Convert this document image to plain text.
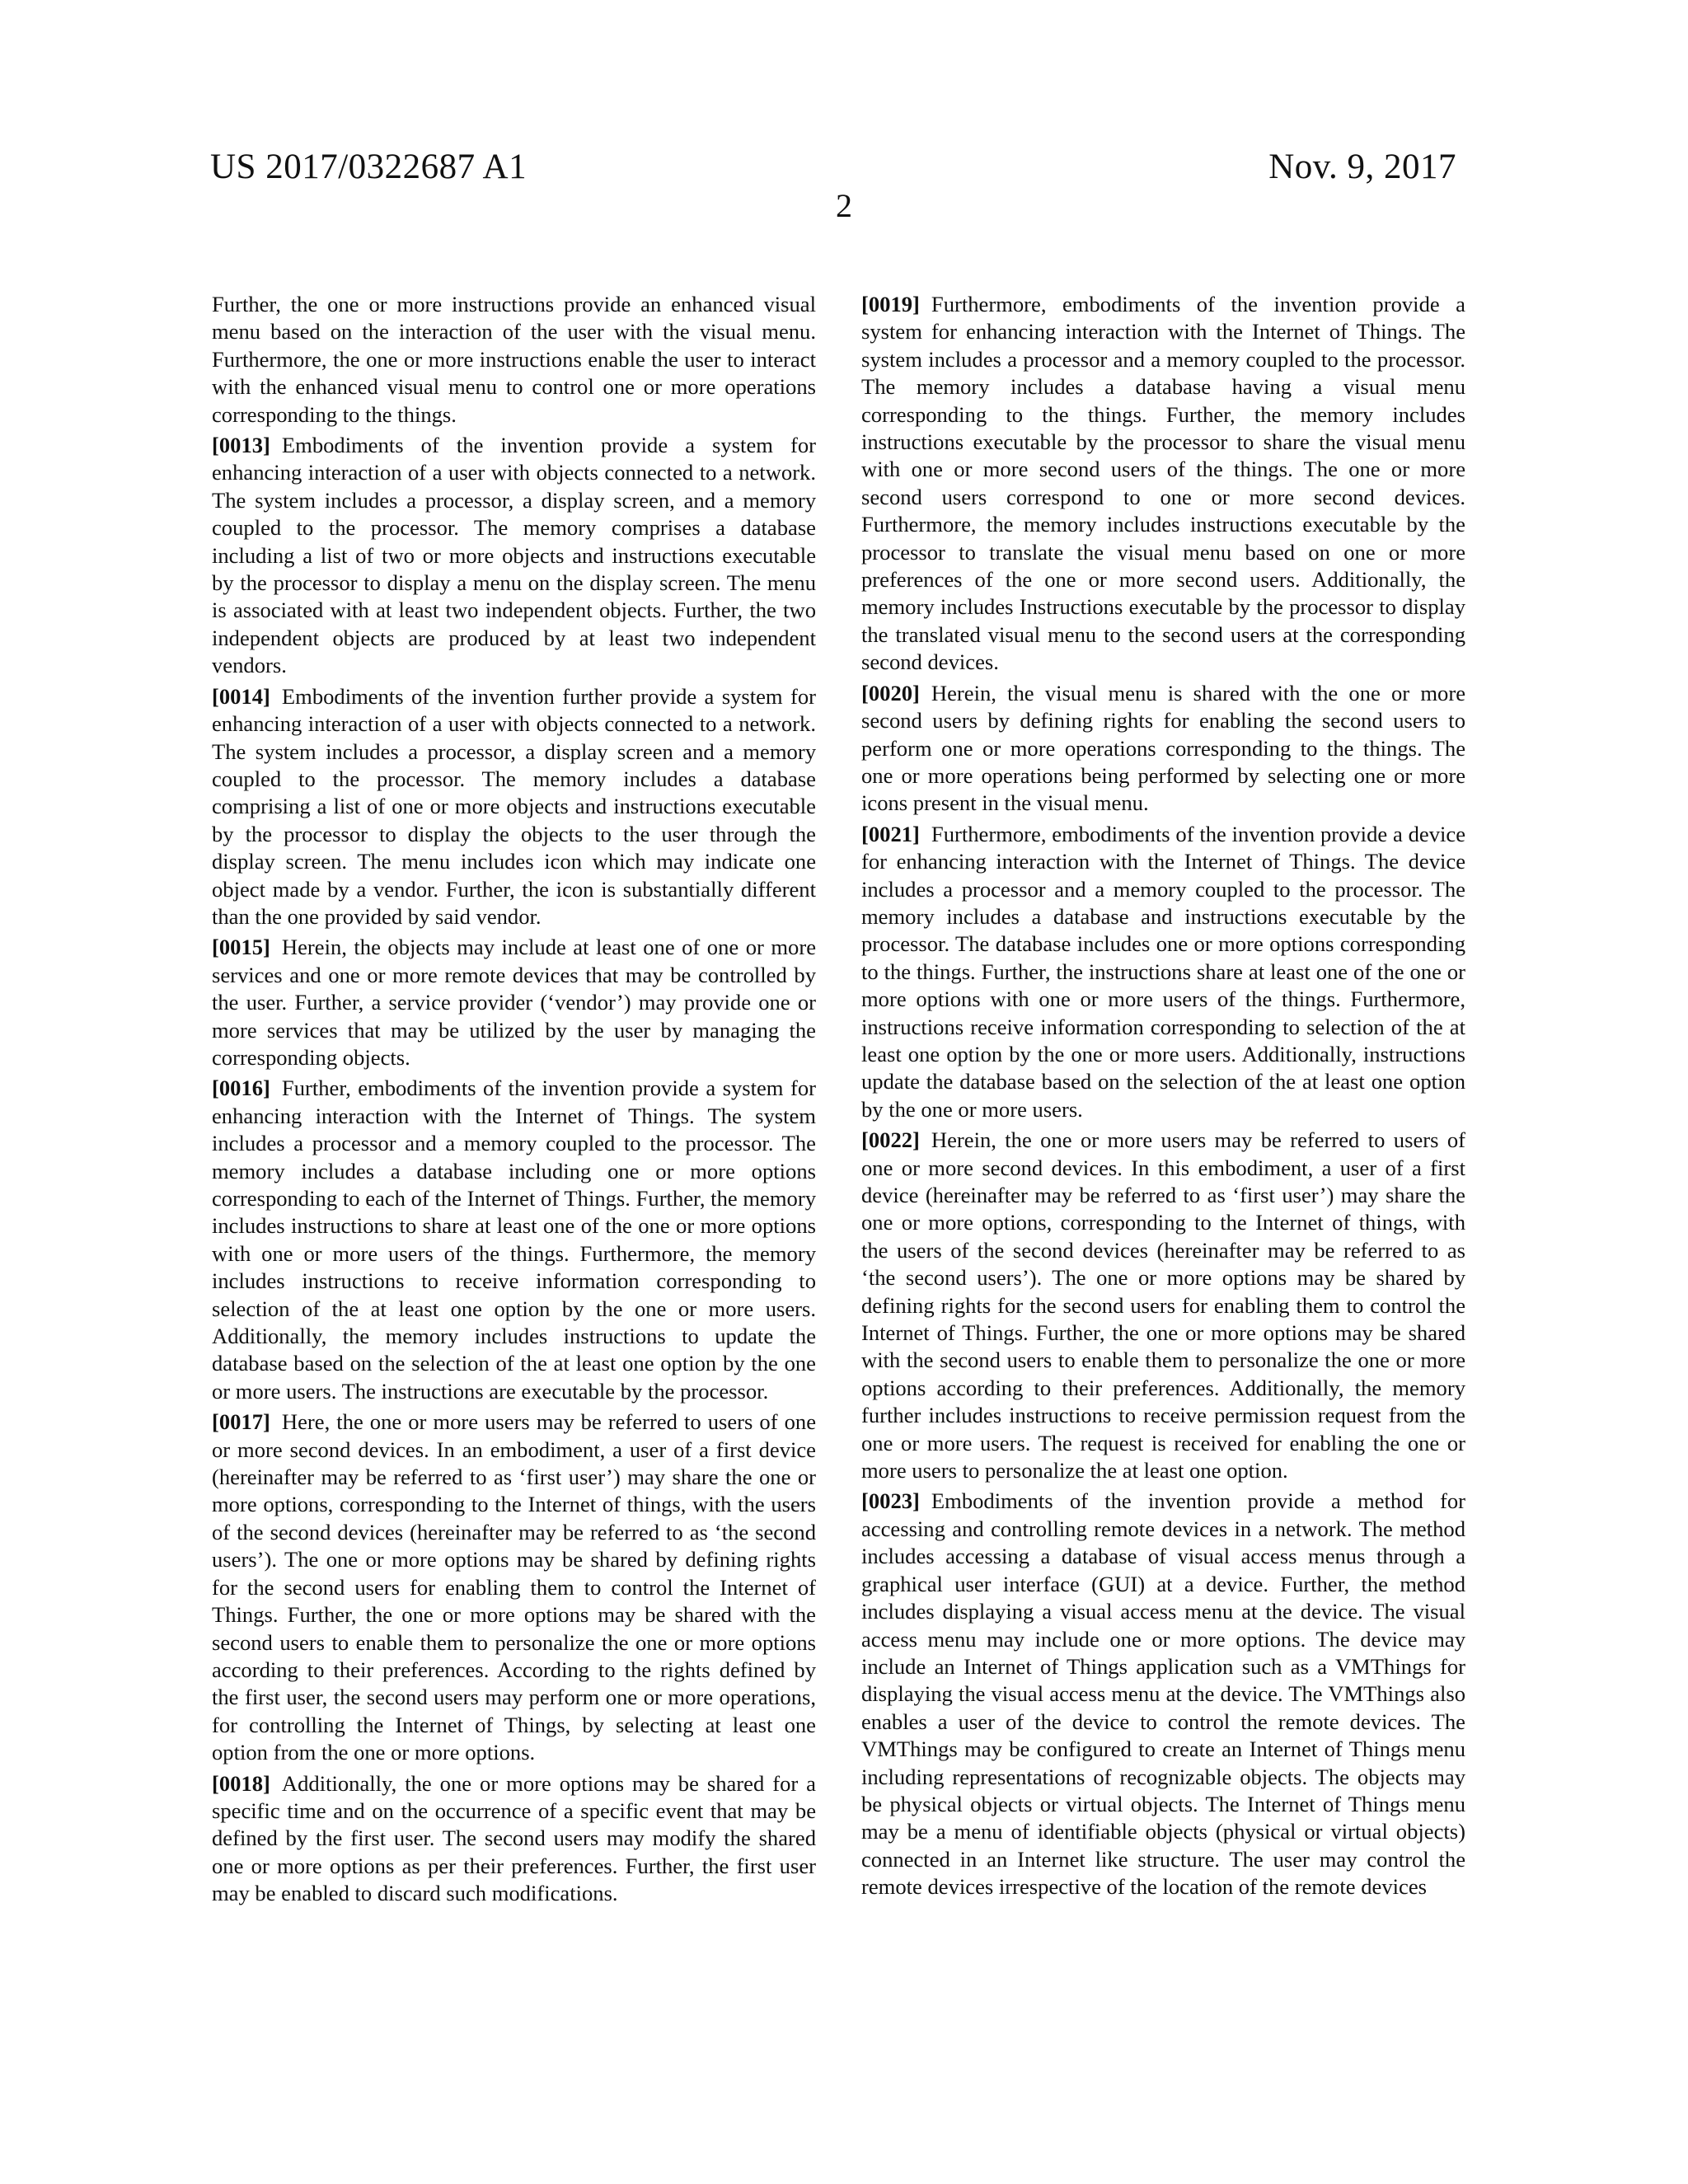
US 2017/0322687 A1	Nov. 9, 2017
2

Further, the one or more instructions provide an enhanced visual menu based on the interaction of the user with the visual menu. Furthermore, the one or more instructions enable the user to interact with the enhanced visual menu to control one or more operations corresponding to the things.

[0013] Embodiments of the invention provide a system for enhancing interaction of a user with objects connected to a network. The system includes a processor, a display screen, and a memory coupled to the processor. The memory comprises a database including a list of two or more objects and instructions executable by the processor to display a menu on the display screen. The menu is associated with at least two independent objects. Further, the two independent objects are produced by at least two independent vendors.

[0014] Embodiments of the invention further provide a system for enhancing interaction of a user with objects connected to a network. The system includes a processor, a display screen and a memory coupled to the processor. The memory includes a database comprising a list of one or more objects and instructions executable by the processor to display the objects to the user through the display screen. The menu includes icon which may indicate one object made by a vendor. Further, the icon is substantially different than the one provided by said vendor.

[0015] Herein, the objects may include at least one of one or more services and one or more remote devices that may be controlled by the user. Further, a service provider (‘vendor’) may provide one or more services that may be utilized by the user by managing the corresponding objects.

[0016] Further, embodiments of the invention provide a system for enhancing interaction with the Internet of Things. The system includes a processor and a memory coupled to the processor. The memory includes a database including one or more options corresponding to each of the Internet of Things. Further, the memory includes instructions to share at least one of the one or more options with one or more users of the things. Furthermore, the memory includes instructions to receive information corresponding to selection of the at least one option by the one or more users. Additionally, the memory includes instructions to update the database based on the selection of the at least one option by the one or more users. The instructions are executable by the processor.

[0017] Here, the one or more users may be referred to users of one or more second devices. In an embodiment, a user of a first device (hereinafter may be referred to as ‘first user’) may share the one or more options, corresponding to the Internet of things, with the users of the second devices (hereinafter may be referred to as ‘the second users’). The one or more options may be shared by defining rights for the second users for enabling them to control the Internet of Things. Further, the one or more options may be shared with the second users to enable them to personalize the one or more options according to their preferences. According to the rights defined by the first user, the second users may perform one or more operations, for controlling the Internet of Things, by selecting at least one option from the one or more options.

[0018] Additionally, the one or more options may be shared for a specific time and on the occurrence of a specific event that may be defined by the first user. The second users may modify the shared one or more options as per their preferences. Further, the first user may be enabled to discard such modifications.

[0019] Furthermore, embodiments of the invention provide a system for enhancing interaction with the Internet of Things. The system includes a processor and a memory coupled to the processor. The memory includes a database having a visual menu corresponding to the things. Further, the memory includes instructions executable by the processor to share the visual menu with one or more second users of the things. The one or more second users correspond to one or more second devices. Furthermore, the memory includes instructions executable by the processor to translate the visual menu based on one or more preferences of the one or more second users. Additionally, the memory includes Instructions executable by the processor to display the translated visual menu to the second users at the corresponding second devices.

[0020] Herein, the visual menu is shared with the one or more second users by defining rights for enabling the second users to perform one or more operations corresponding to the things. The one or more operations being performed by selecting one or more icons present in the visual menu.

[0021] Furthermore, embodiments of the invention provide a device for enhancing interaction with the Internet of Things. The device includes a processor and a memory coupled to the processor. The memory includes a database and instructions executable by the processor. The database includes one or more options corresponding to the things. Further, the instructions share at least one of the one or more options with one or more users of the things. Furthermore, instructions receive information corresponding to selection of the at least one option by the one or more users. Additionally, instructions update the database based on the selection of the at least one option by the one or more users.

[0022] Herein, the one or more users may be referred to users of one or more second devices. In this embodiment, a user of a first device (hereinafter may be referred to as ‘first user’) may share the one or more options, corresponding to the Internet of things, with the users of the second devices (hereinafter may be referred to as ‘the second users’). The one or more options may be shared by defining rights for the second users for enabling them to control the Internet of Things. Further, the one or more options may be shared with the second users to enable them to personalize the one or more options according to their preferences. Additionally, the memory further includes instructions to receive permission request from the one or more users. The request is received for enabling the one or more users to personalize the at least one option.

[0023] Embodiments of the invention provide a method for accessing and controlling remote devices in a network. The method includes accessing a database of visual access menus through a graphical user interface (GUI) at a device. Further, the method includes displaying a visual access menu at the device. The visual access menu may include one or more options. The device may include an Internet of Things application such as a VMThings for displaying the visual access menu at the device. The VMThings also enables a user of the device to control the remote devices. The VMThings may be configured to create an Internet of Things menu including representations of recognizable objects. The objects may be physical objects or virtual objects. The Internet of Things menu may be a menu of identifiable objects (physical or virtual objects) connected in an Internet like structure. The user may control the remote devices irrespective of the location of the remote devices
